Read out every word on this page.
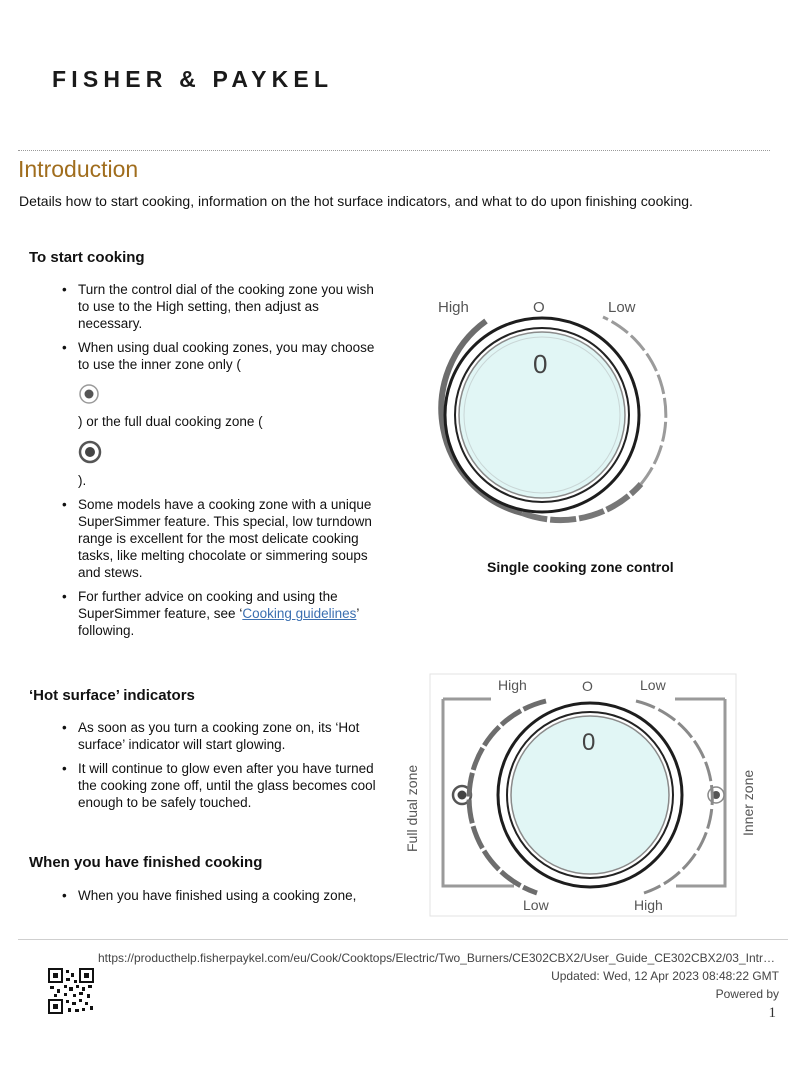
FISHER & PAYKEL
Introduction
Details how to start cooking, information on the hot surface indicators, and what to do upon finishing cooking.
To start cooking
• Turn the control dial of the cooking zone you wish to use to the High setting, then adjust as necessary.
• When using dual cooking zones, you may choose to use the inner zone only (
) or the full dual cooking zone (
).
• Some models have a cooking zone with a unique SuperSimmer feature. This special, low turndown range is excellent for the most delicate cooking tasks, like melting chocolate or simmering soups and stews.
• For further advice on cooking and using the SuperSimmer feature, see ‘Cooking guidelines’ following.
High	O	Low
0
Single cooking zone control
‘Hot surface’ indicators
• As soon as you turn a cooking zone on, its ‘Hot surface’ indicator will start glowing.
• It will continue to glow even after you have turned the cooking zone off, until the glass becomes cool enough to be safely touched.
High	O	Low
Full dual zone	Inner zone
0
Low	High
When you have finished cooking
• When you have finished using a cooking zone,
https://producthelp.fisherpaykel.com/eu/Cook/Cooktops/Electric/Two_Burners/CE302CBX2/User_Guide_CE302CBX2/03_Intr…
Updated: Wed, 12 Apr 2023 08:48:22 GMT
Powered by
1
